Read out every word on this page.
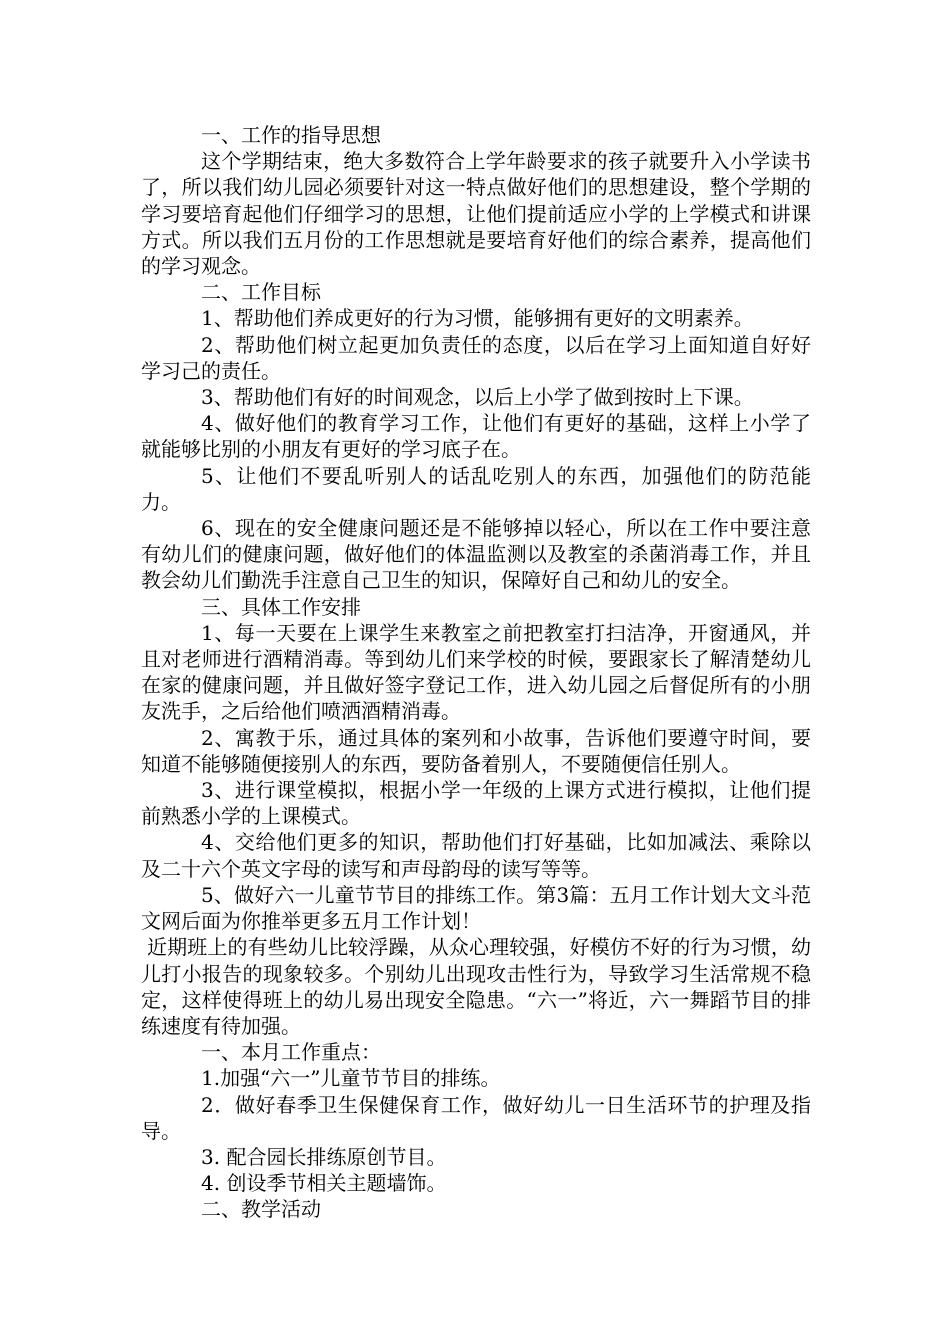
一、工作的指导思想

这个学期结束，绝大多数符合上学年龄要求的孩子就要升入小学读书了，所以我们幼儿园必须要针对这一特点做好他们的思想建设，整个学期的学习要培育起他们仔细学习的思想，让他们提前适应小学的上学模式和讲课方式。所以我们五月份的工作思想就是要培育好他们的综合素养，提高他们的学习观念。

二、工作目标

1、帮助他们养成更好的行为习惯，能够拥有更好的文明素养。

2、帮助他们树立起更加负责任的态度，以后在学习上面知道自好好学习己的责任。

3、帮助他们有好的时间观念，以后上小学了做到按时上下课。

4、做好他们的教育学习工作，让他们有更好的基础，这样上小学了就能够比别的小朋友有更好的学习底子在。

5、让他们不要乱听别人的话乱吃别人的东西，加强他们的防范能力。

6、现在的安全健康问题还是不能够掉以轻心，所以在工作中要注意有幼儿们的健康问题，做好他们的体温监测以及教室的杀菌消毒工作，并且教会幼儿们勤洗手注意自己卫生的知识，保障好自己和幼儿的安全。

三、具体工作安排

1、每一天要在上课学生来教室之前把教室打扫洁净，开窗通风，并且对老师进行酒精消毒。等到幼儿们来学校的时候，要跟家长了解清楚幼儿在家的健康问题，并且做好签字登记工作，进入幼儿园之后督促所有的小朋友洗手，之后给他们喷洒酒精消毒。

2、寓教于乐，通过具体的案列和小故事，告诉他们要遵守时间，要知道不能够随便接别人的东西，要防备着别人，不要随便信任别人。

3、进行课堂模拟，根据小学一年级的上课方式进行模拟，让他们提前熟悉小学的上课模式。

4、交给他们更多的知识，帮助他们打好基础，比如加减法、乘除以及二十六个英文字母的读写和声母韵母的读写等等。

5、做好六一儿童节节目的排练工作。第3篇：五月工作计划大文斗范文网后面为你推举更多五月工作计划！

近期班上的有些幼儿比较浮躁，从众心理较强，好模仿不好的行为习惯，幼儿打小报告的现象较多。个别幼儿出现攻击性行为，导致学习生活常规不稳定，这样使得班上的幼儿易出现安全隐患。“六一”将近，六一舞蹈节目的排练速度有待加强。

一、本月工作重点：

1.加强“六一”儿童节节目的排练。

2．做好春季卫生保健保育工作，做好幼儿一日生活环节的护理及指导。

3. 配合园长排练原创节目。

4. 创设季节相关主题墙饰。

二、教学活动
